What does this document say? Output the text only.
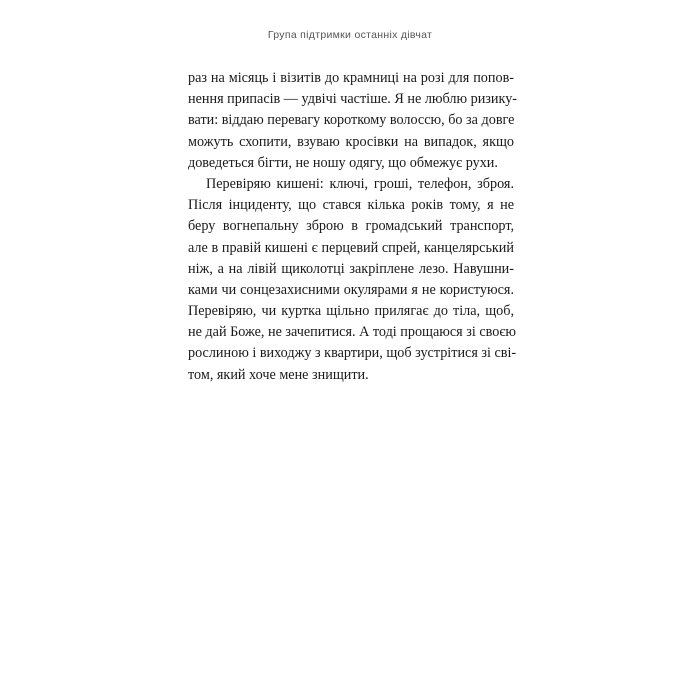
Група підтримки останніх дівчат
раз на місяць і візитів до крамниці на розі для попов-
нення припасів — удвічі частіше. Я не люблю ризику-
вати: віддаю перевагу короткому волоссю, бо за довге
можуть схопити, взуваю кросівки на випадок, якщо
доведеться бігти, не ношу одягу, що обмежує рухи.
Перевіряю кишені: ключі, гроші, телефон, зброя.
Після інциденту, що стався кілька років тому, я не
беру вогнепальну зброю в громадський транспорт,
але в правій кишені є перцевий спрей, канцелярський
ніж, а на лівій щиколотці закріплене лезо. Навушни-
ками чи сонцезахисними окулярами я не користуюся.
Перевіряю, чи куртка щільно прилягає до тіла, щоб,
не дай Боже, не зачепитися. А тоді прощаюся зі своєю
рослиною і виходжу з квартири, щоб зустрітися зі сві-
том, який хоче мене знищити.
